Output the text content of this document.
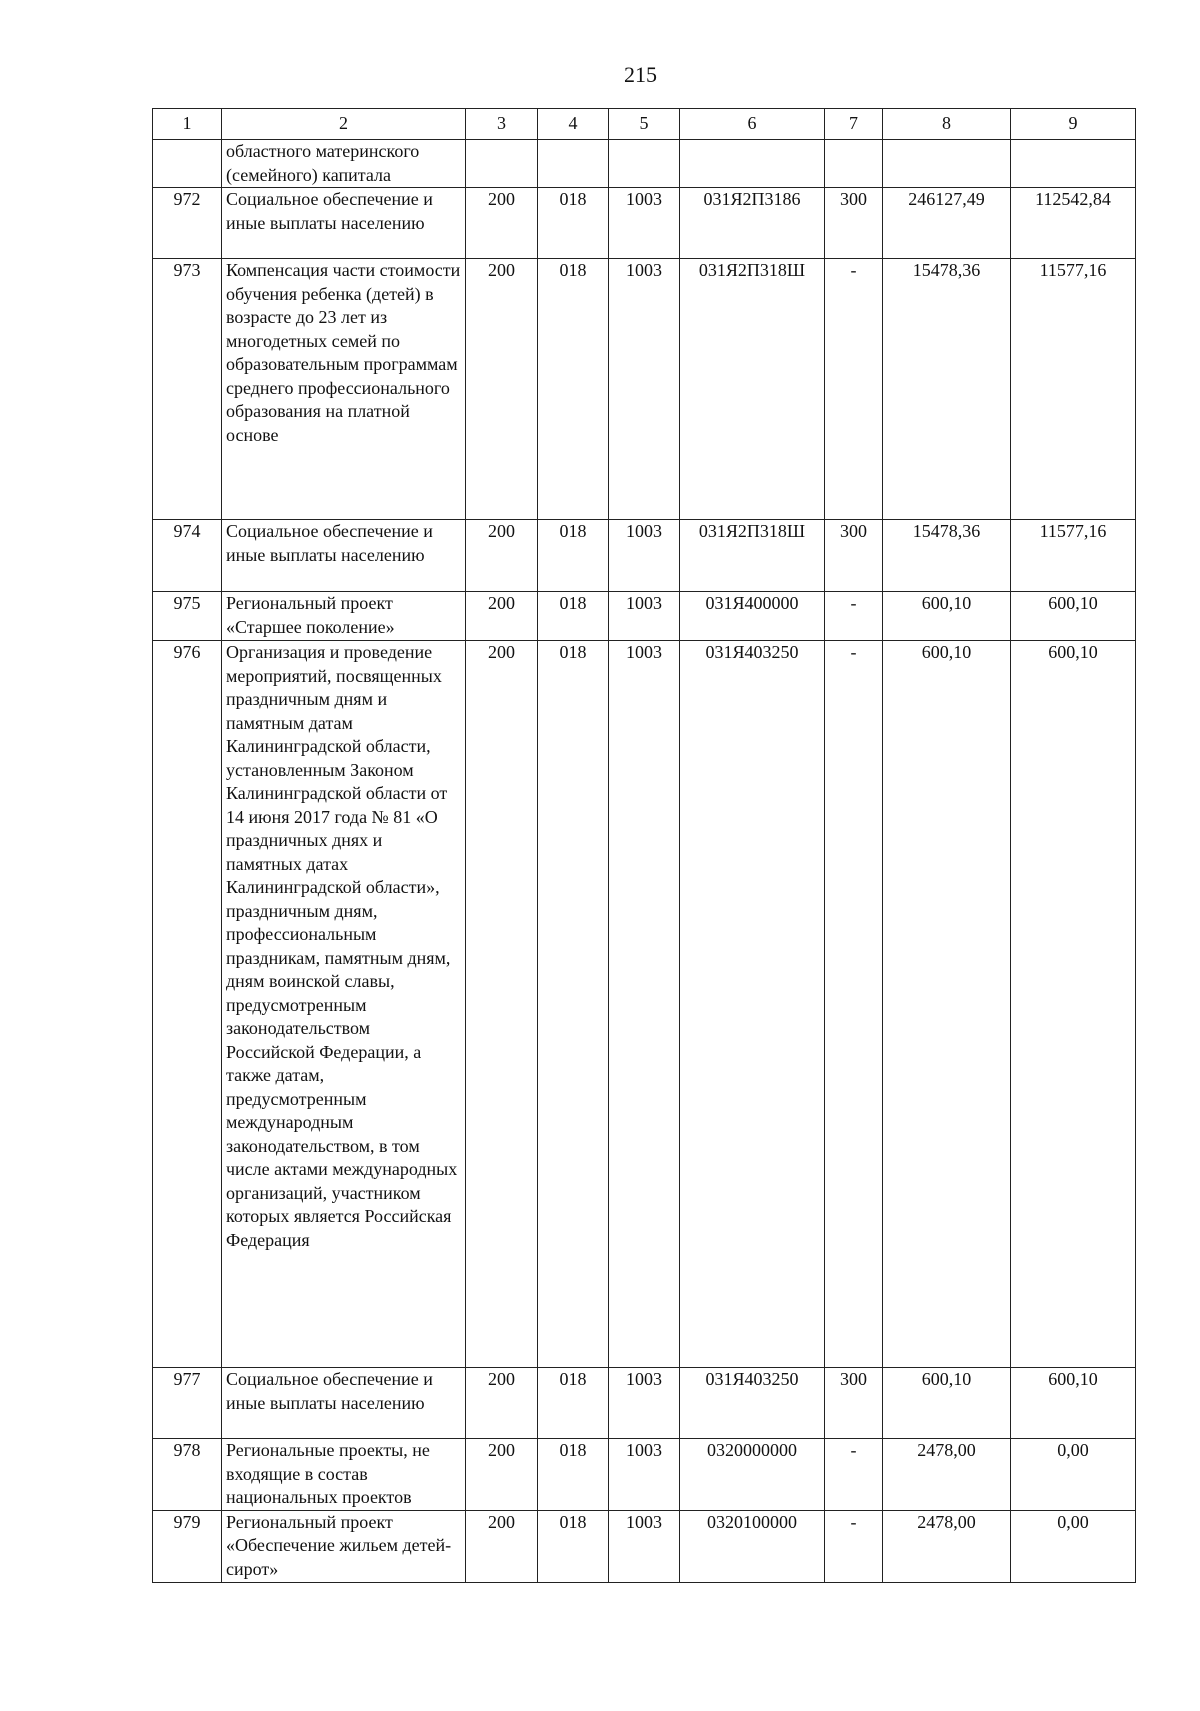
215
1	2	3	4	5	6	7	8	9
	областного материнского (семейного) капитала							
972	Социальное обеспечение и иные выплаты населению	200	018	1003	031Я2П3186	300	246127,49	112542,84
973	Компенсация части стоимости обучения ребенка (детей) в возрасте до 23 лет из многодетных семей по образовательным программам среднего профессионального образования на платной основе	200	018	1003	031Я2П318Ш	-	15478,36	11577,16
974	Социальное обеспечение и иные выплаты населению	200	018	1003	031Я2П318Ш	300	15478,36	11577,16
975	Региональный проект «Старшее поколение»	200	018	1003	031Я400000	-	600,10	600,10
976	Организация и проведение мероприятий, посвященных праздничным дням и памятным датам Калининградской области, установленным Законом Калининградской области от 14 июня 2017 года № 81 «О праздничных днях и памятных датах Калининградской области», праздничным дням, профессиональным праздникам, памятным дням, дням воинской славы, предусмотренным законодательством Российской Федерации, а также датам, предусмотренным международным законодательством, в том числе актами международных организаций, участником которых является Российская Федерация	200	018	1003	031Я403250	-	600,10	600,10
977	Социальное обеспечение и иные выплаты населению	200	018	1003	031Я403250	300	600,10	600,10
978	Региональные проекты, не входящие в состав национальных проектов	200	018	1003	0320000000	-	2478,00	0,00
979	Региональный проект «Обеспечение жильем детей-сирот»	200	018	1003	0320100000	-	2478,00	0,00
